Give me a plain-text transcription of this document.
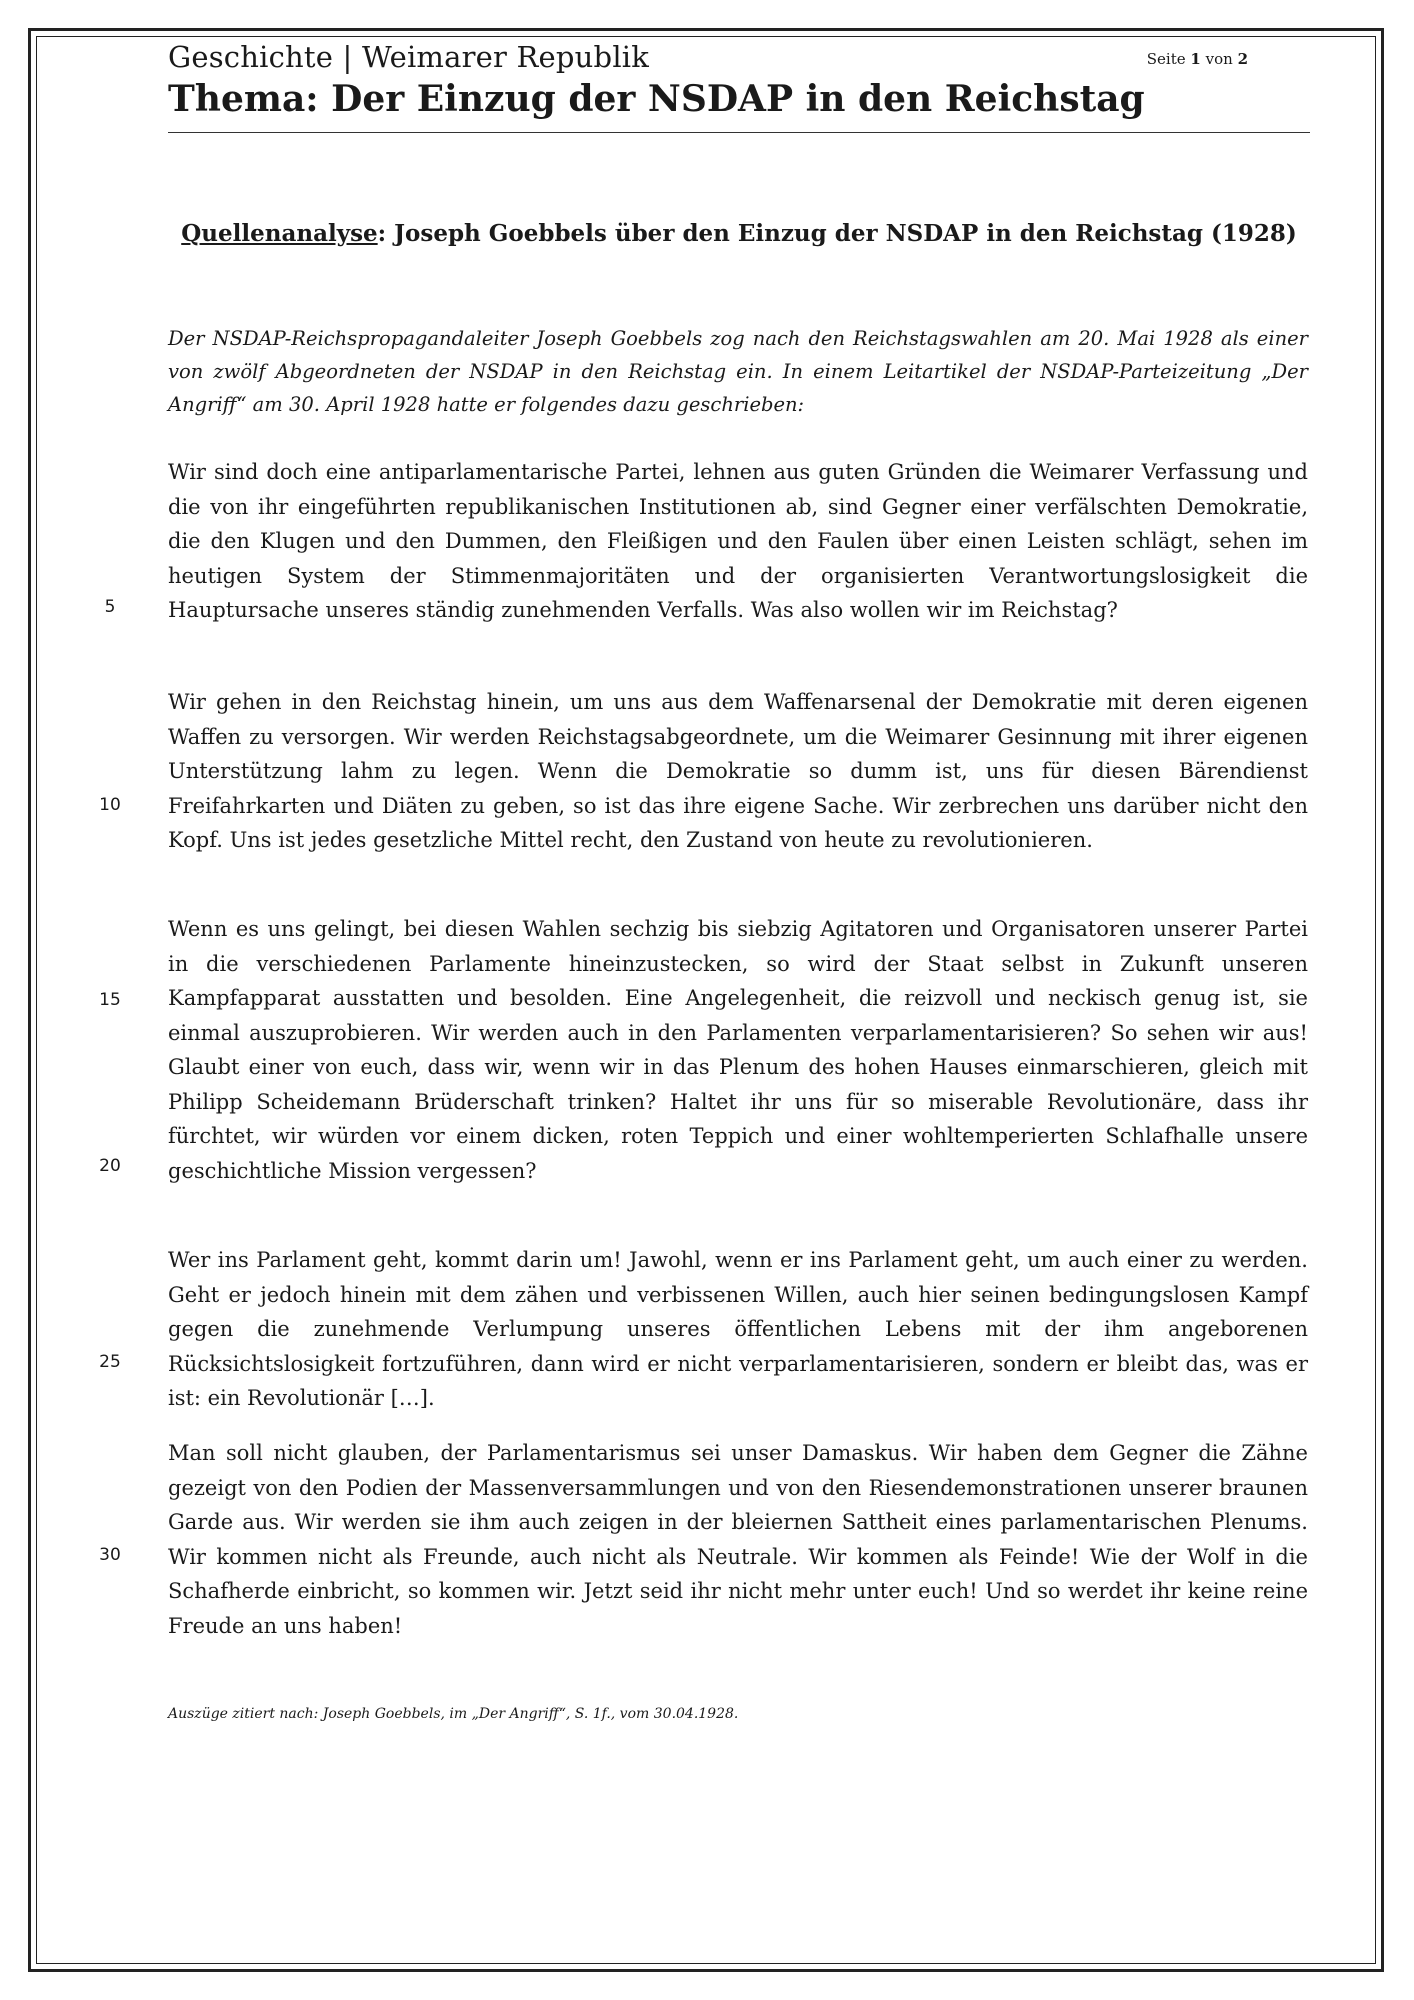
Geschichte | Weimarer Republik	Seite 1 von 2
Thema: Der Einzug der NSDAP in den Reichstag
Quellenanalyse: Joseph Goebbels über den Einzug der NSDAP in den Reichstag (1928)
Der NSDAP-Reichspropagandaleiter Joseph Goebbels zog nach den Reichstagswahlen am 20. Mai 1928 als einer von zwölf Abgeordneten der NSDAP in den Reichstag ein. In einem Leitartikel der NSDAP-Parteizeitung „Der Angriff“ am 30. April 1928 hatte er folgendes dazu geschrieben:

Wir sind doch eine antiparlamentarische Partei, lehnen aus guten Gründen die Weimarer Verfassung und die von ihr eingeführten republikanischen Institutionen ab, sind Gegner einer verfälschten Demokratie, die den Klugen und den Dummen, den Fleißigen und den Faulen über einen Leisten schlägt, sehen im heutigen System der Stimmenmajoritäten und der organisierten Verantwortungslosigkeit die Hauptursache unseres ständig zunehmenden Verfalls. Was also wollen wir im Reichstag?

Wir gehen in den Reichstag hinein, um uns aus dem Waffenarsenal der Demokratie mit deren eigenen Waffen zu versorgen. Wir werden Reichstagsabgeordnete, um die Weimarer Gesinnung mit ihrer eigenen Unterstützung lahm zu legen. Wenn die Demokratie so dumm ist, uns für diesen Bärendienst Freifahrkarten und Diäten zu geben, so ist das ihre eigene Sache. Wir zerbrechen uns darüber nicht den Kopf. Uns ist jedes gesetzliche Mittel recht, den Zustand von heute zu revolutionieren.

Wenn es uns gelingt, bei diesen Wahlen sechzig bis siebzig Agitatoren und Organisatoren unserer Partei in die verschiedenen Parlamente hineinzustecken, so wird der Staat selbst in Zukunft unseren Kampfapparat ausstatten und besolden. Eine Angelegenheit, die reizvoll und neckisch genug ist, sie einmal auszuprobieren. Wir werden auch in den Parlamenten verparlamentarisieren? So sehen wir aus! Glaubt einer von euch, dass wir, wenn wir in das Plenum des hohen Hauses einmarschieren, gleich mit Philipp Scheidemann Brüderschaft trinken? Haltet ihr uns für so miserable Revolutionäre, dass ihr fürchtet, wir würden vor einem dicken, roten Teppich und einer wohltemperierten Schlafhalle unsere geschichtliche Mission vergessen?

Wer ins Parlament geht, kommt darin um! Jawohl, wenn er ins Parlament geht, um auch einer zu werden. Geht er jedoch hinein mit dem zähen und verbissenen Willen, auch hier seinen bedingungslosen Kampf gegen die zunehmende Verlumpung unseres öffentlichen Lebens mit der ihm angeborenen Rücksichtslosigkeit fortzuführen, dann wird er nicht verparlamentarisieren, sondern er bleibt das, was er ist: ein Revolutionär […].

Man soll nicht glauben, der Parlamentarismus sei unser Damaskus. Wir haben dem Gegner die Zähne gezeigt von den Podien der Massenversammlungen und von den Riesendemonstrationen unserer braunen Garde aus. Wir werden sie ihm auch zeigen in der bleiernen Sattheit eines parlamentarischen Plenums. Wir kommen nicht als Freunde, auch nicht als Neutrale. Wir kommen als Feinde! Wie der Wolf in die Schafherde einbricht, so kommen wir. Jetzt seid ihr nicht mehr unter euch! Und so werdet ihr keine reine Freude an uns haben!

5
10
15
20
25
30
Auszüge zitiert nach: Joseph Goebbels, im „Der Angriff“, S. 1f., vom 30.04.1928.
